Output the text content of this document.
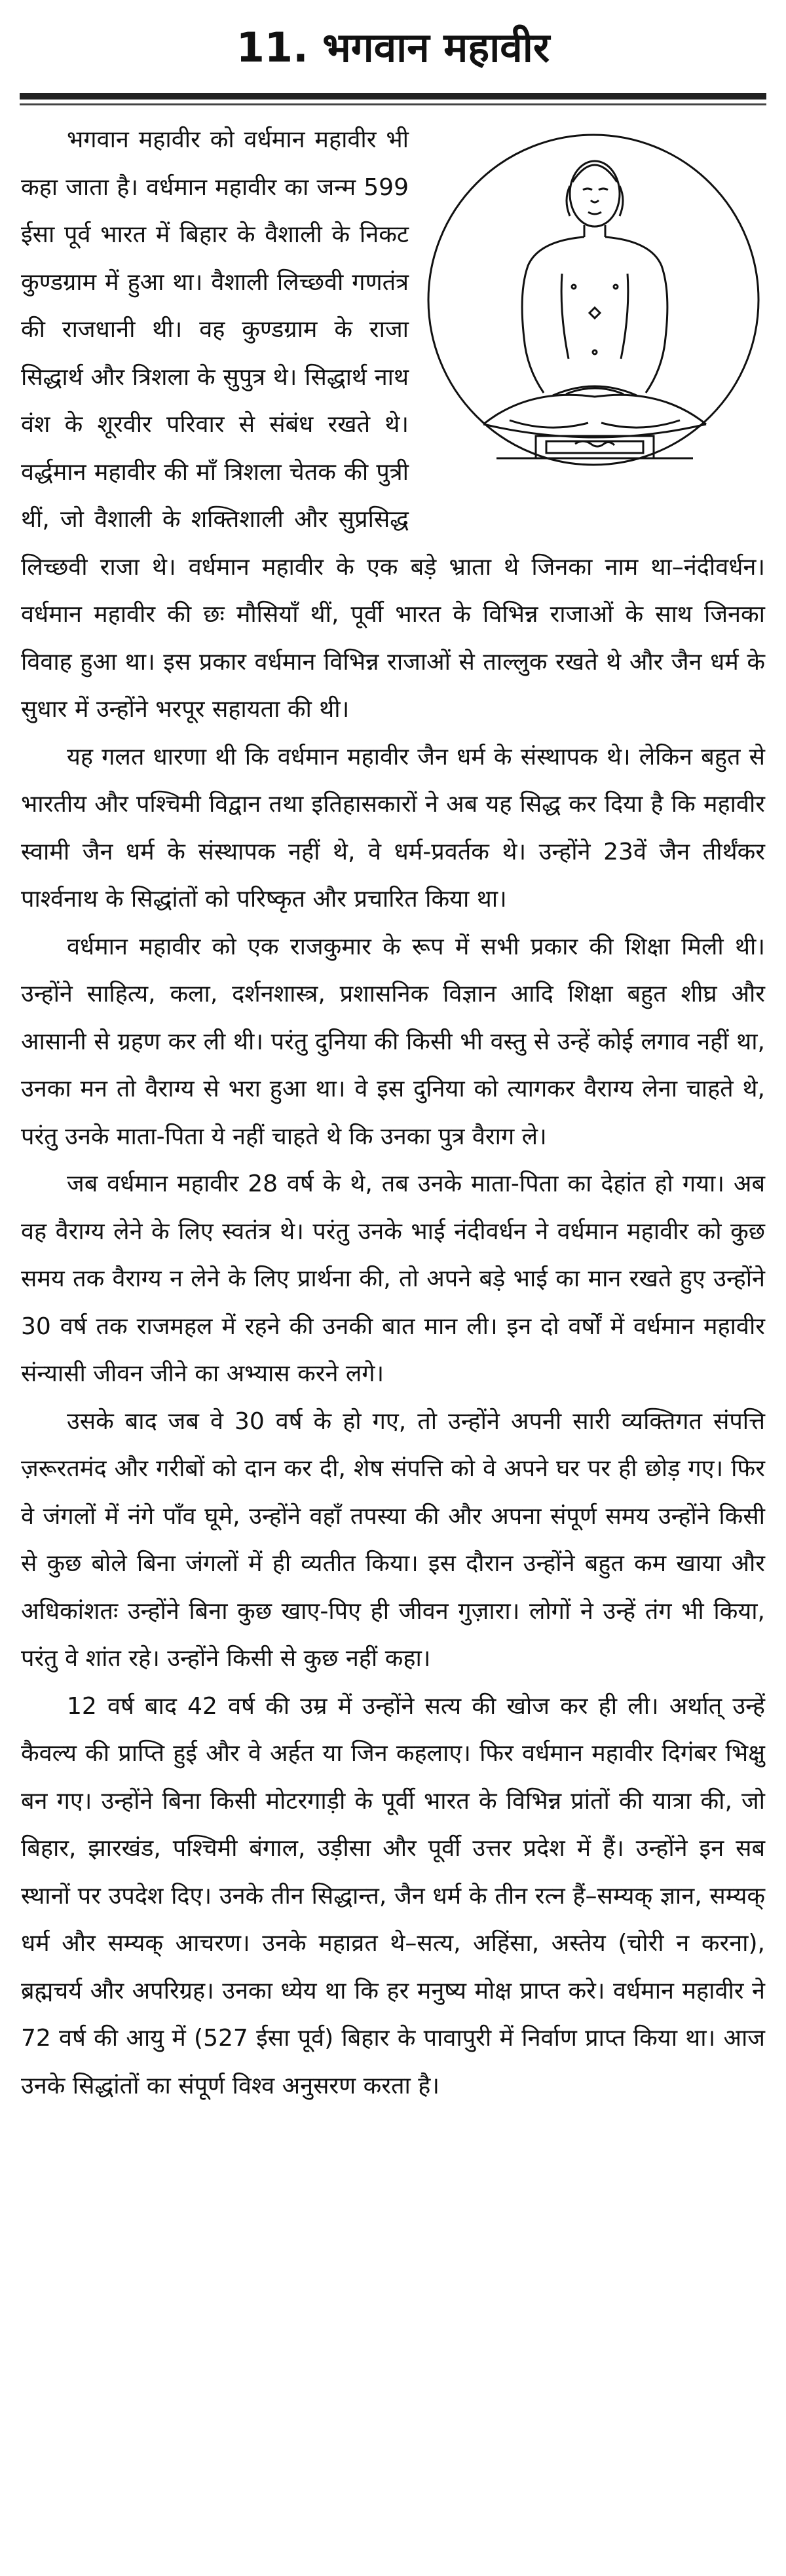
11. भगवान महावीर

भगवान महावीर को वर्धमान महावीर भी कहा जाता है। वर्धमान महावीर का जन्म 599 ईसा पूर्व भारत में बिहार के वैशाली के निकट कुण्डग्राम में हुआ था। वैशाली लिच्छवी गणतंत्र की राजधानी थी। वह कुण्डग्राम के राजा सिद्धार्थ और त्रिशला के सुपुत्र थे। सिद्धार्थ नाथ वंश के शूरवीर परिवार से संबंध रखते थे। वर्द्धमान महावीर की माँ त्रिशला चेतक की पुत्री थीं, जो वैशाली के शक्तिशाली और सुप्रसिद्ध लिच्छवी राजा थे। वर्धमान महावीर के एक बड़े भ्राता थे जिनका नाम था–नंदीवर्धन। वर्धमान महावीर की छः मौसियाँ थीं, पूर्वी भारत के विभिन्न राजाओं के साथ जिनका विवाह हुआ था। इस प्रकार वर्धमान विभिन्न राजाओं से ताल्लुक रखते थे और जैन धर्म के सुधार में उन्होंने भरपूर सहायता की थी।

यह गलत धारणा थी कि वर्धमान महावीर जैन धर्म के संस्थापक थे। लेकिन बहुत से भारतीय और पश्चिमी विद्वान तथा इतिहासकारों ने अब यह सिद्ध कर दिया है कि महावीर स्वामी जैन धर्म के संस्थापक नहीं थे, वे धर्म-प्रवर्तक थे। उन्होंने 23वें जैन तीर्थंकर पार्श्वनाथ के सिद्धांतों को परिष्कृत और प्रचारित किया था।

वर्धमान महावीर को एक राजकुमार के रूप में सभी प्रकार की शिक्षा मिली थी। उन्होंने साहित्य, कला, दर्शनशास्त्र, प्रशासनिक विज्ञान आदि शिक्षा बहुत शीघ्र और आसानी से ग्रहण कर ली थी। परंतु दुनिया की किसी भी वस्तु से उन्हें कोई लगाव नहीं था, उनका मन तो वैराग्य से भरा हुआ था। वे इस दुनिया को त्यागकर वैराग्य लेना चाहते थे, परंतु उनके माता-पिता ये नहीं चाहते थे कि उनका पुत्र वैराग ले।

जब वर्धमान महावीर 28 वर्ष के थे, तब उनके माता-पिता का देहांत हो गया। अब वह वैराग्य लेने के लिए स्वतंत्र थे। परंतु उनके भाई नंदीवर्धन ने वर्धमान महावीर को कुछ समय तक वैराग्य न लेने के लिए प्रार्थना की, तो अपने बड़े भाई का मान रखते हुए उन्होंने 30 वर्ष तक राजमहल में रहने की उनकी बात मान ली। इन दो वर्षों में वर्धमान महावीर संन्यासी जीवन जीने का अभ्यास करने लगे।

उसके बाद जब वे 30 वर्ष के हो गए, तो उन्होंने अपनी सारी व्यक्तिगत संपत्ति ज़रूरतमंद और गरीबों को दान कर दी, शेष संपत्ति को वे अपने घर पर ही छोड़ गए। फिर वे जंगलों में नंगे पाँव घूमे, उन्होंने वहाँ तपस्या की और अपना संपूर्ण समय उन्होंने किसी से कुछ बोले बिना जंगलों में ही व्यतीत किया। इस दौरान उन्होंने बहुत कम खाया और अधिकांशतः उन्होंने बिना कुछ खाए-पिए ही जीवन गुज़ारा। लोगों ने उन्हें तंग भी किया, परंतु वे शांत रहे। उन्होंने किसी से कुछ नहीं कहा।

12 वर्ष बाद 42 वर्ष की उम्र में उन्होंने सत्य की खोज कर ही ली। अर्थात् उन्हें कैवल्य की प्राप्ति हुई और वे अर्हत या जिन कहलाए। फिर वर्धमान महावीर दिगंबर भिक्षु बन गए। उन्होंने बिना किसी मोटरगाड़ी के पूर्वी भारत के विभिन्न प्रांतों की यात्रा की, जो बिहार, झारखंड, पश्चिमी बंगाल, उड़ीसा और पूर्वी उत्तर प्रदेश में हैं। उन्होंने इन सब स्थानों पर उपदेश दिए। उनके तीन सिद्धान्त, जैन धर्म के तीन रत्न हैं–सम्यक् ज्ञान, सम्यक् धर्म और सम्यक् आचरण। उनके महाव्रत थे–सत्य, अहिंसा, अस्तेय (चोरी न करना), ब्रह्मचर्य और अपरिग्रह। उनका ध्येय था कि हर मनुष्य मोक्ष प्राप्त करे। वर्धमान महावीर ने 72 वर्ष की आयु में (527 ईसा पूर्व) बिहार के पावापुरी में निर्वाण प्राप्त किया था। आज उनके सिद्धांतों का संपूर्ण विश्व अनुसरण करता है।
